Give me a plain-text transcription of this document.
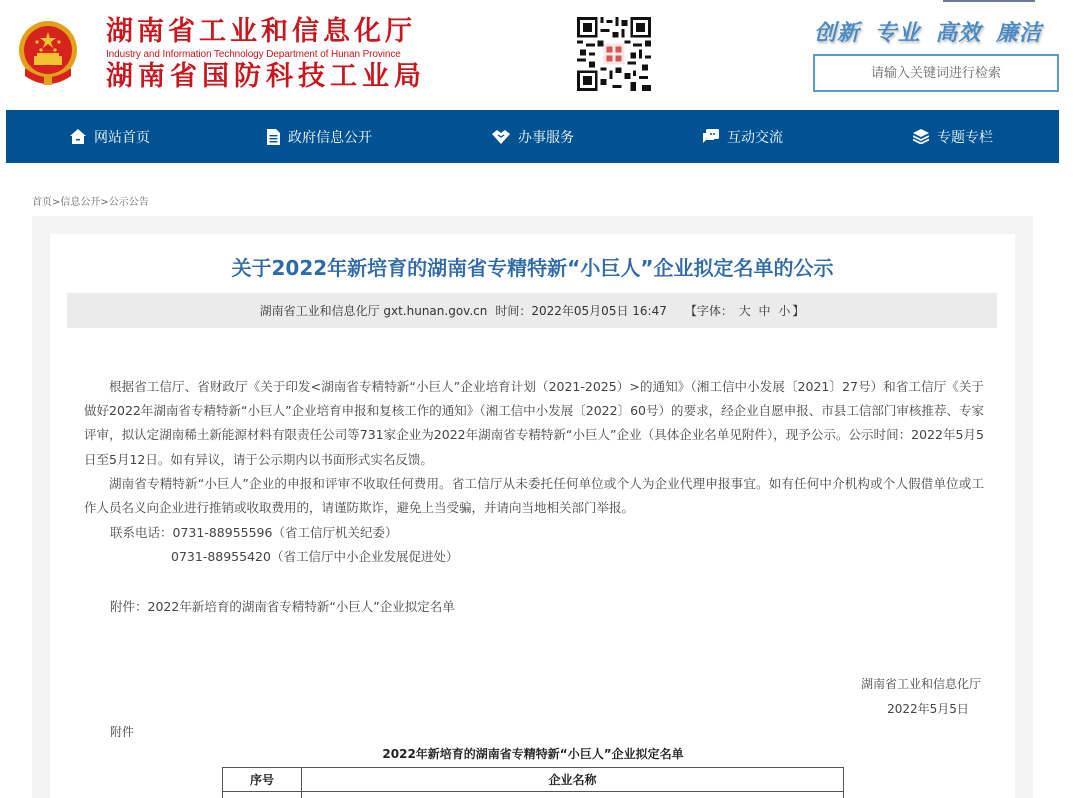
湖南省工业和信息化厅
Industry and Information Technology Department of Hunan Province
湖南省国防科技工业局
创新 专业 高效 廉洁
请输入关键词进行检索
网站首页	政府信息公开	办事服务	互动交流	专题专栏
首页>信息公开>公示公告
关于2022年新培育的湖南省专精特新“小巨人”企业拟定名单的公示
湖南省工业和信息化厅 gxt.hunan.gov.cn 时间：2022年05月05日 16:47 【字体： 大 中 小 】

根据省工信厅、省财政厅《关于印发<湖南省专精特新“小巨人”企业培育计划（2021-2025）>的通知》（湘工信中小发展〔2021〕27号）和省工信厅《关于做好2022年湖南省专精特新“小巨人”企业培育申报和复核工作的通知》（湘工信中小发展〔2022〕60号）的要求，经企业自愿申报、市县工信部门审核推荐、专家评审，拟认定湖南稀土新能源材料有限责任公司等731家企业为2022年湖南省专精特新“小巨人”企业（具体企业名单见附件），现予公示。公示时间：2022年5月5日至5月12日。如有异议，请于公示期内以书面形式实名反馈。

湖南省专精特新“小巨人”企业的申报和评审不收取任何费用。省工信厅从未委托任何单位或个人为企业代理申报事宜。如有任何中介机构或个人假借单位或工作人员名义向企业进行推销或收取费用的，请谨防欺诈，避免上当受骗，并请向当地相关部门举报。

联系电话：0731-88955596（省工信厅机关纪委）
0731-88955420（省工信厅中小企业发展促进处）
附件：2022年新培育的湖南省专精特新“小巨人”企业拟定名单
湖南省工业和信息化厅
2022年5月5日
附件
2022年新培育的湖南省专精特新“小巨人”企业拟定名单
序号	企业名称
